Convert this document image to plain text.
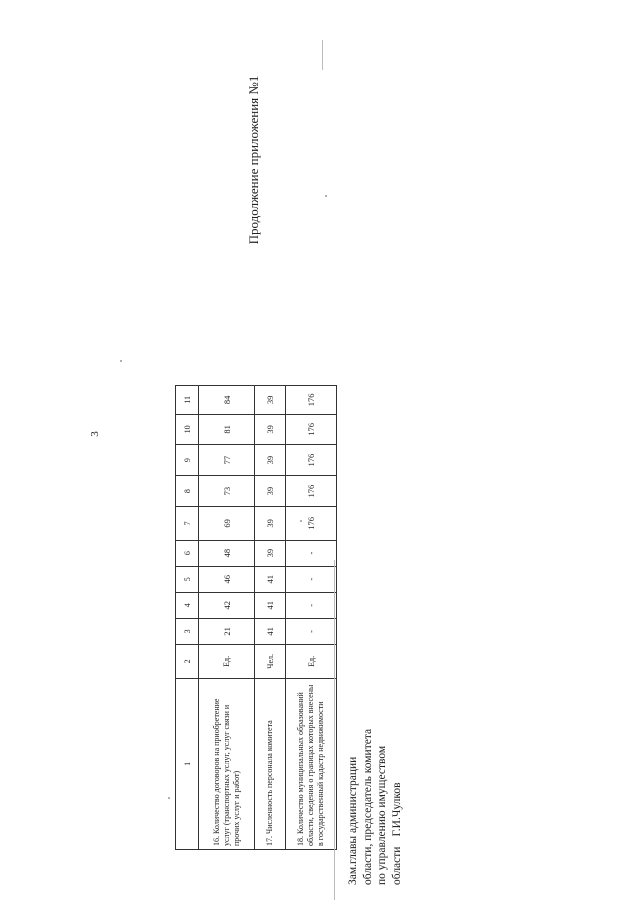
3
Продолжение приложения №1
1	2	3	4	5	6	7	8	9	10	11
16. Количество договоров на приобретение услуг (транспортных услуг, услуг связи и прочих услуг и работ)	Ед.	21	42	46	48	69	73	77	81	84
17. Численность персонала комитета	Чел.	41	41	41	39	39	39	39	39	39
18. Количество муниципальных образований области, сведения о границах которых внесены в государственный кадастр недвижимости	Ед.	-	-	-	-	176	176	176	176	176
Зам.главы администрации области, председатель комитета по управлению имуществом областиГ.И.Чулков
